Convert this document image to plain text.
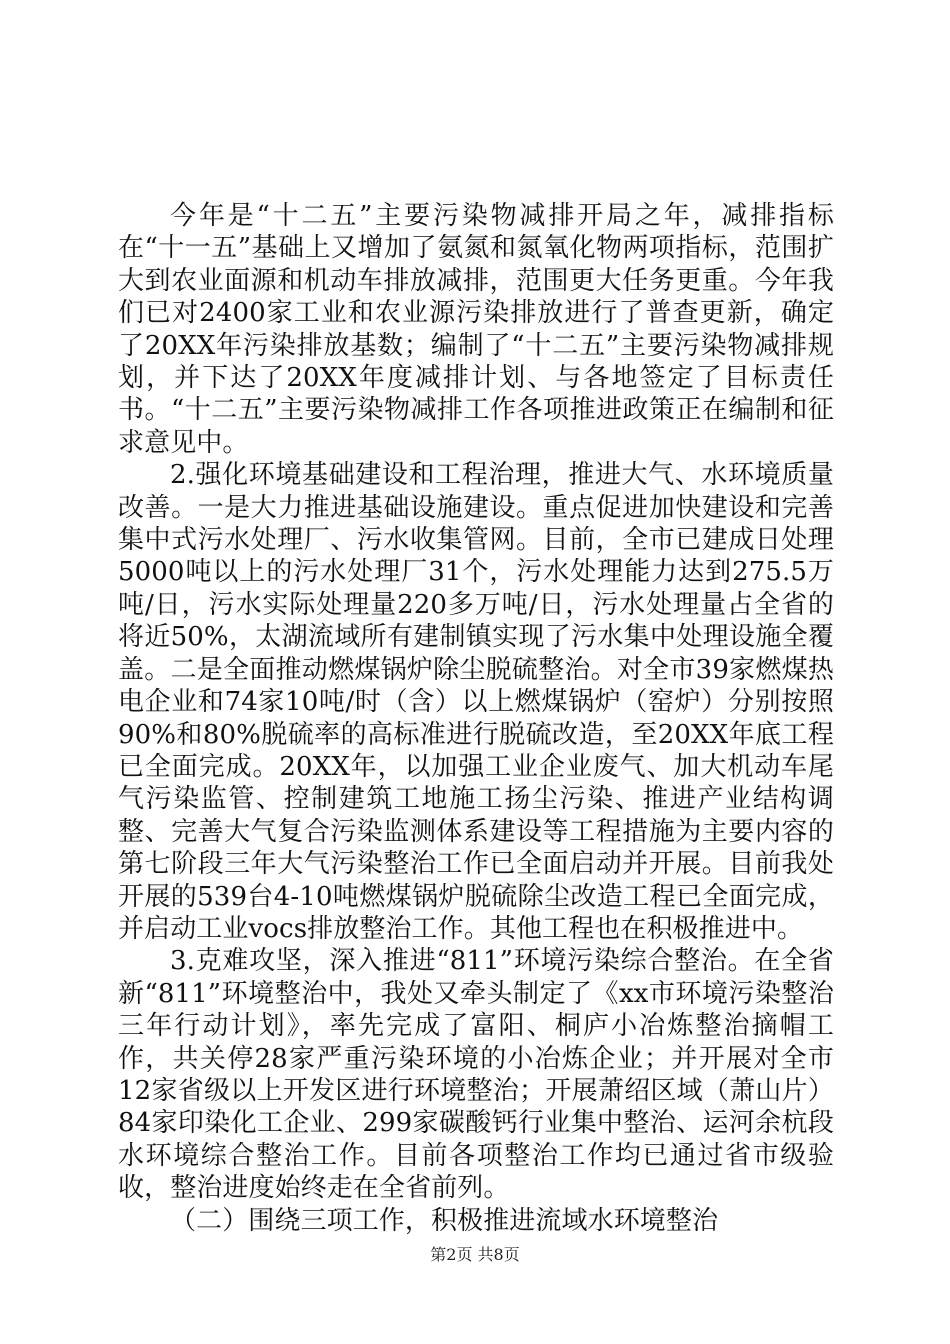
今年是“十二五”主要污染物减排开局之年，减排指标在“十一五”基础上又增加了氨氮和氮氧化物两项指标，范围扩大到农业面源和机动车排放减排，范围更大任务更重。今年我们已对2400家工业和农业源污染排放进行了普查更新，确定了20XX年污染排放基数；编制了“十二五”主要污染物减排规划，并下达了20XX年度减排计划、与各地签定了目标责任书。“十二五”主要污染物减排工作各项推进政策正在编制和征求意见中。

2.强化环境基础建设和工程治理，推进大气、水环境质量改善。一是大力推进基础设施建设。重点促进加快建设和完善集中式污水处理厂、污水收集管网。目前，全市已建成日处理5000吨以上的污水处理厂31个，污水处理能力达到275.5万吨/日，污水实际处理量220多万吨/日，污水处理量占全省的将近50%，太湖流域所有建制镇实现了污水集中处理设施全覆盖。二是全面推动燃煤锅炉除尘脱硫整治。对全市39家燃煤热电企业和74家10吨/时（含）以上燃煤锅炉（窑炉）分别按照90%和80%脱硫率的高标准进行脱硫改造，至20XX年底工程已全面完成。20XX年，以加强工业企业废气、加大机动车尾气污染监管、控制建筑工地施工扬尘污染、推进产业结构调整、完善大气复合污染监测体系建设等工程措施为主要内容的第七阶段三年大气污染整治工作已全面启动并开展。目前我处开展的539台4-10吨燃煤锅炉脱硫除尘改造工程已全面完成，并启动工业vocs排放整治工作。其他工程也在积极推进中。

3.克难攻坚，深入推进“811”环境污染综合整治。在全省新“811”环境整治中，我处又牵头制定了《xx市环境污染整治三年行动计划》，率先完成了富阳、桐庐小冶炼整治摘帽工作，共关停28家严重污染环境的小冶炼企业；并开展对全市12家省级以上开发区进行环境整治；开展萧绍区域（萧山片）84家印染化工企业、299家碳酸钙行业集中整治、运河余杭段水环境综合整治工作。目前各项整治工作均已通过省市级验收，整治进度始终走在全省前列。

（二）围绕三项工作，积极推进流域水环境整治

第2页 共8页
